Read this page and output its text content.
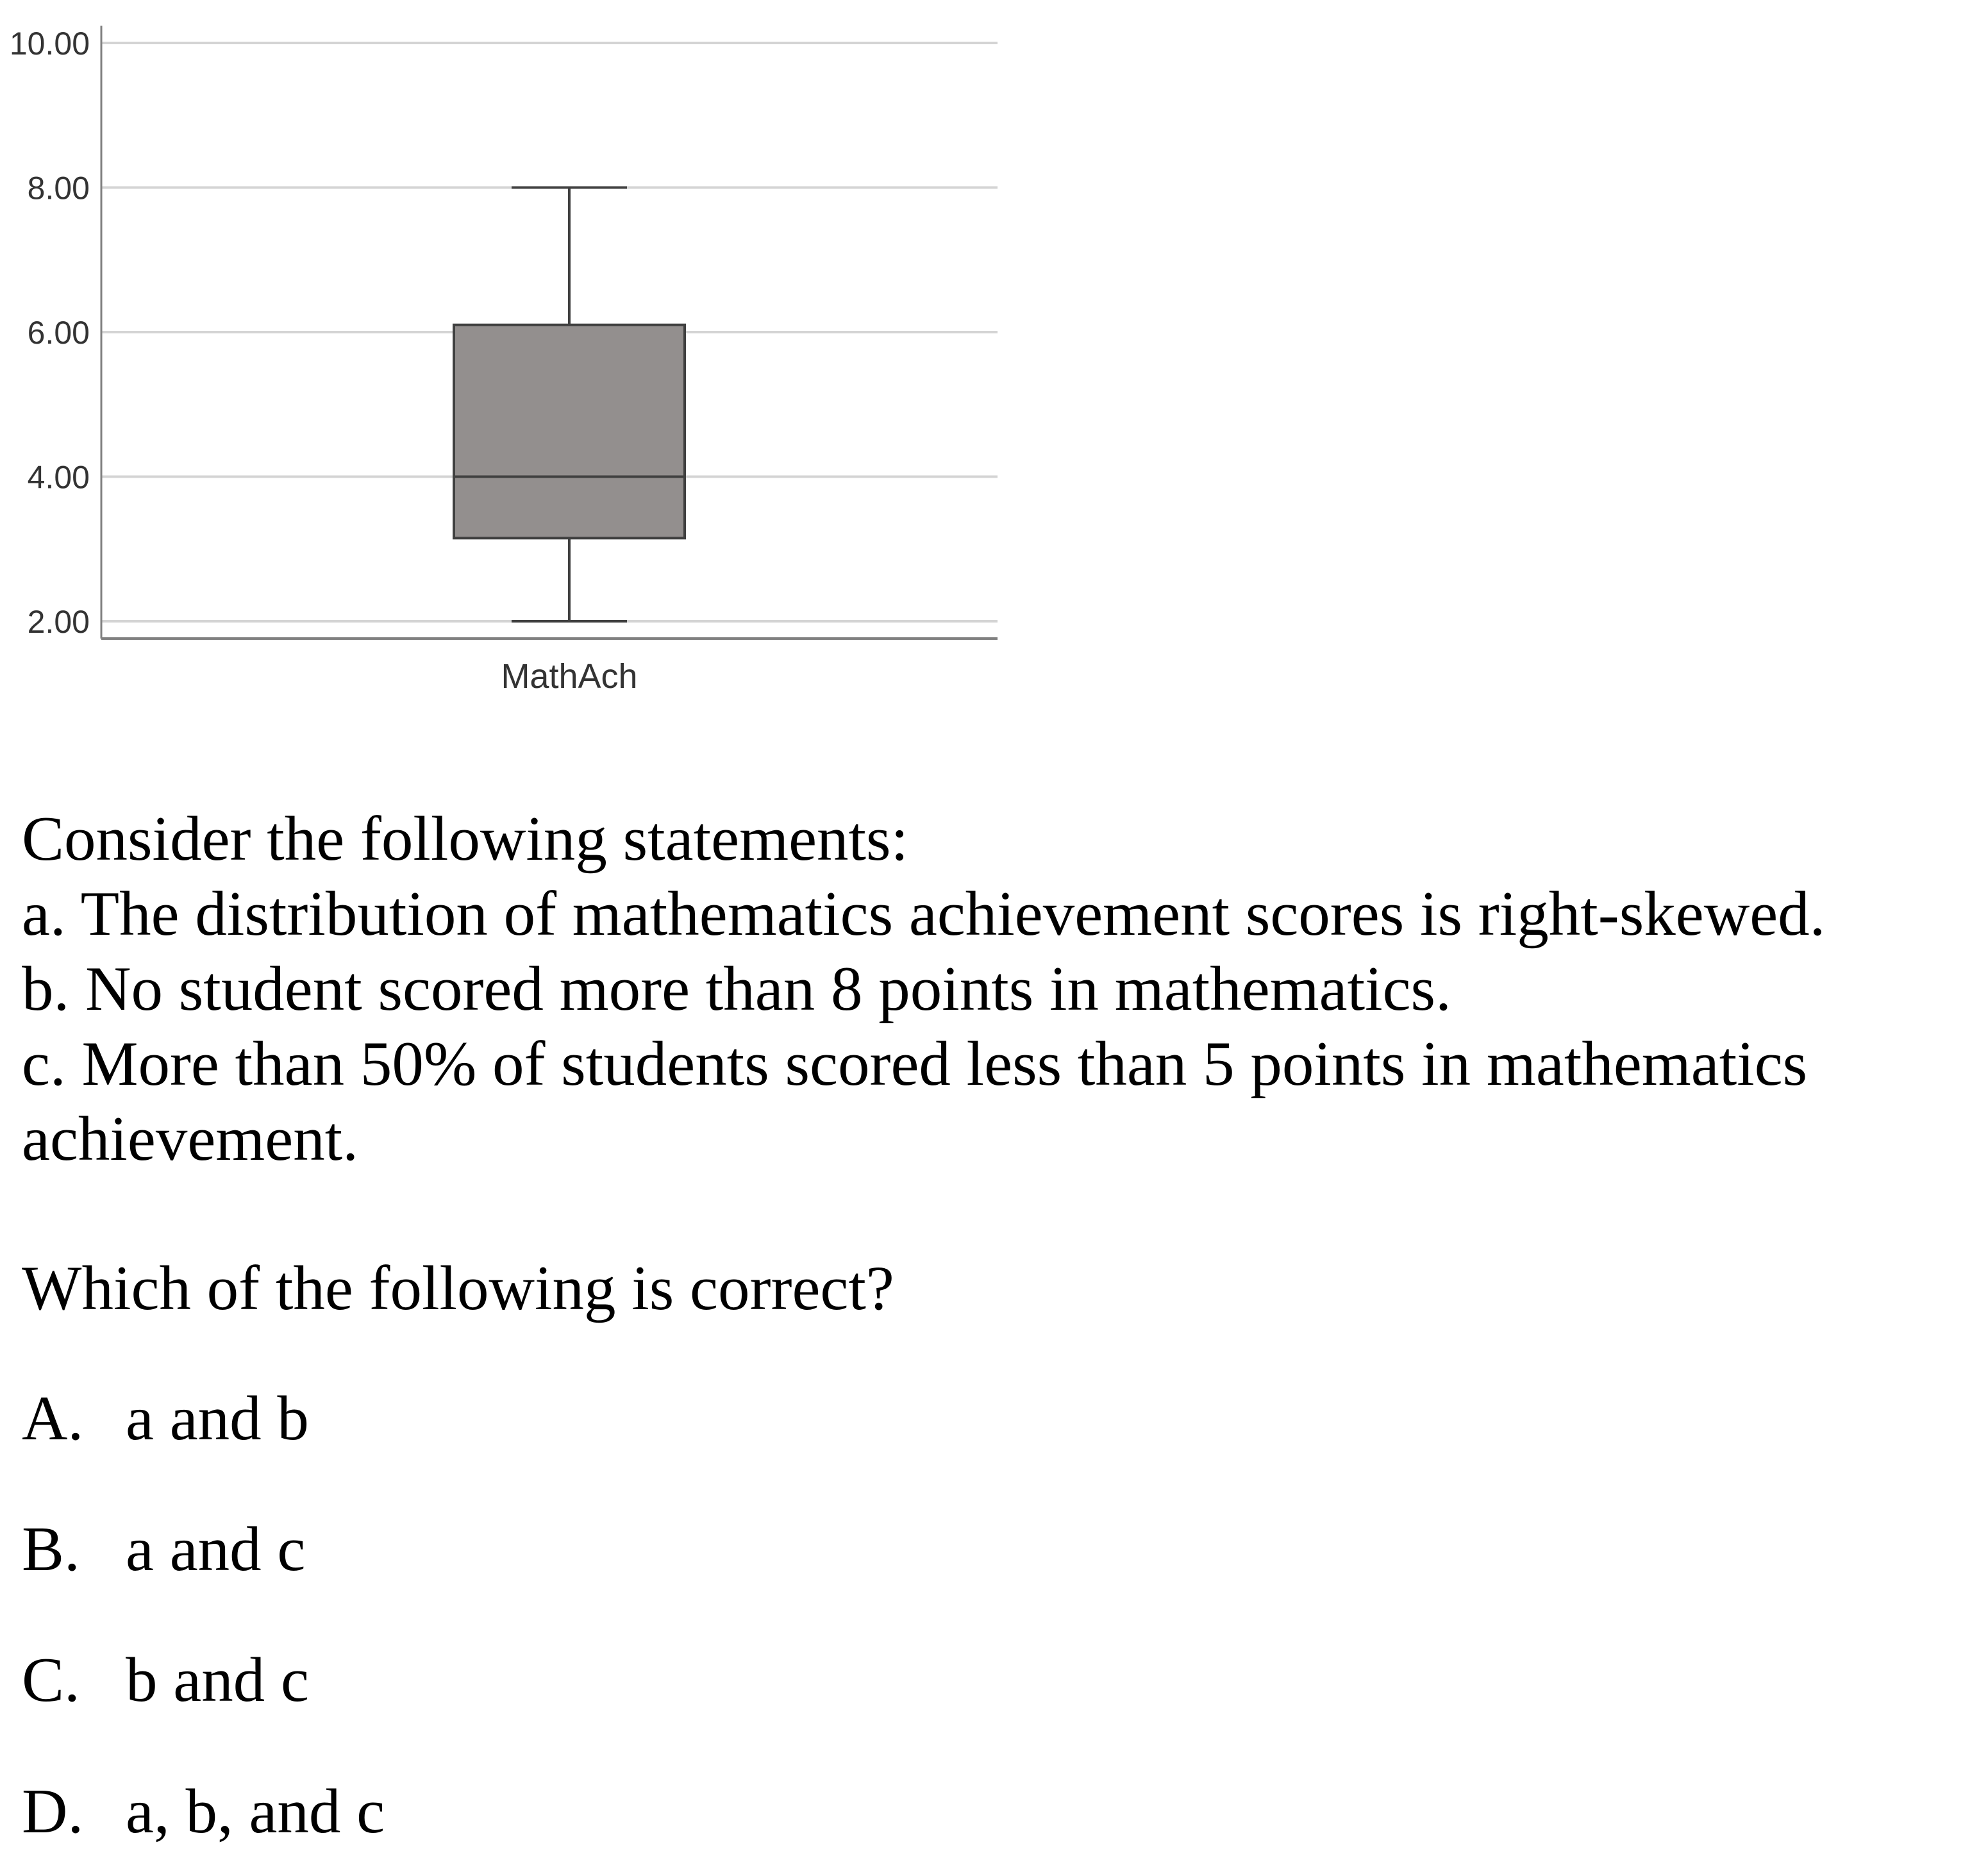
10.00
8.00
6.00
4.00
2.00
MathAch
Consider the following statements:
a. The distribution of mathematics achievement scores is right-skewed.
b. No student scored more than 8 points in mathematics.
c. More than 50% of students scored less than 5 points in mathematics
achievement.
Which of the following is correct?
A. a and b
B. a and c
C. b and c
D. a, b, and c
